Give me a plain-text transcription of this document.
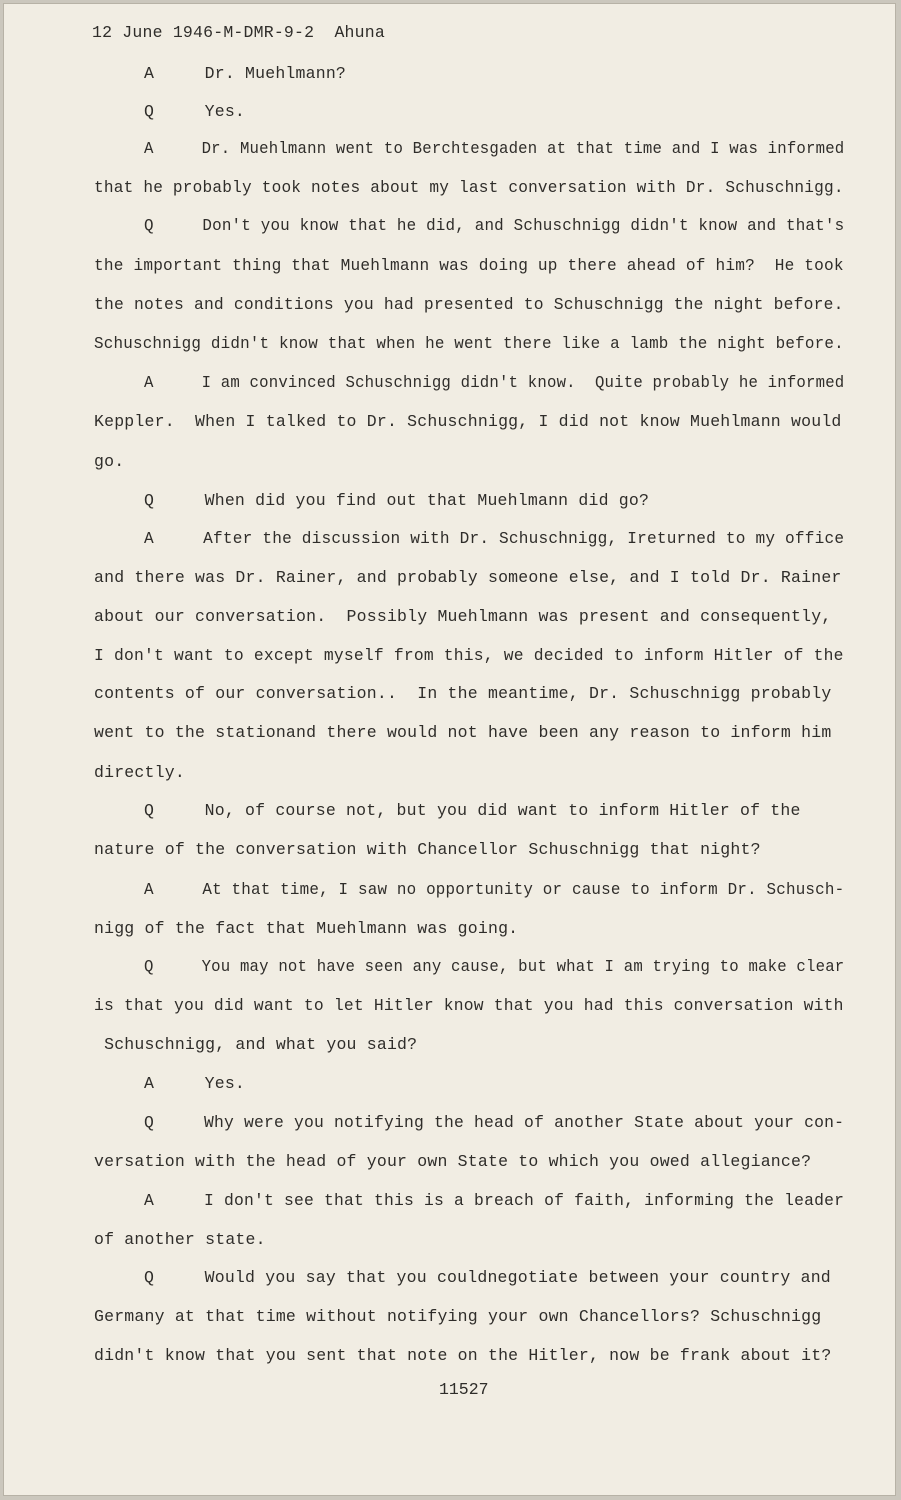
12 June 1946-M-DMR-9-2  Ahuna
A     Dr. Muehlmann?
Q     Yes.
A     Dr. Muehlmann went to Berchtesgaden at that time and I was informed
that he probably took notes about my last conversation with Dr. Schuschnigg.
Q     Don't you know that he did, and Schuschnigg didn't know and that's
the important thing that Muehlmann was doing up there ahead of him?  He took
the notes and conditions you had presented to Schuschnigg the night before.
Schuschnigg didn't know that when he went there like a lamb the night before.
A     I am convinced Schuschnigg didn't know.  Quite probably he informed
Keppler.  When I talked to Dr. Schuschnigg, I did not know Muehlmann would
go.
Q     When did you find out that Muehlmann did go?
A     After the discussion with Dr. Schuschnigg, Ireturned to my office
and there was Dr. Rainer, and probably someone else, and I told Dr. Rainer
about our conversation.  Possibly Muehlmann was present and consequently,
I don't want to except myself from this, we decided to inform Hitler of the
contents of our conversation..  In the meantime, Dr. Schuschnigg probably
went to the stationand there would not have been any reason to inform him
directly.
Q     No, of course not, but you did want to inform Hitler of the
nature of the conversation with Chancellor Schuschnigg that night?
A     At that time, I saw no opportunity or cause to inform Dr. Schusch-
nigg of the fact that Muehlmann was going.
Q     You may not have seen any cause, but what I am trying to make clear
is that you did want to let Hitler know that you had this conversation with
Schuschnigg, and what you said?
A     Yes.
Q     Why were you notifying the head of another State about your con-
versation with the head of your own State to which you owed allegiance?
A     I don't see that this is a breach of faith, informing the leader
of another state.
Q     Would you say that you couldnegotiate between your country and
Germany at that time without notifying your own Chancellors? Schuschnigg
didn't know that you sent that note on the Hitler, now be frank about it?
11527
